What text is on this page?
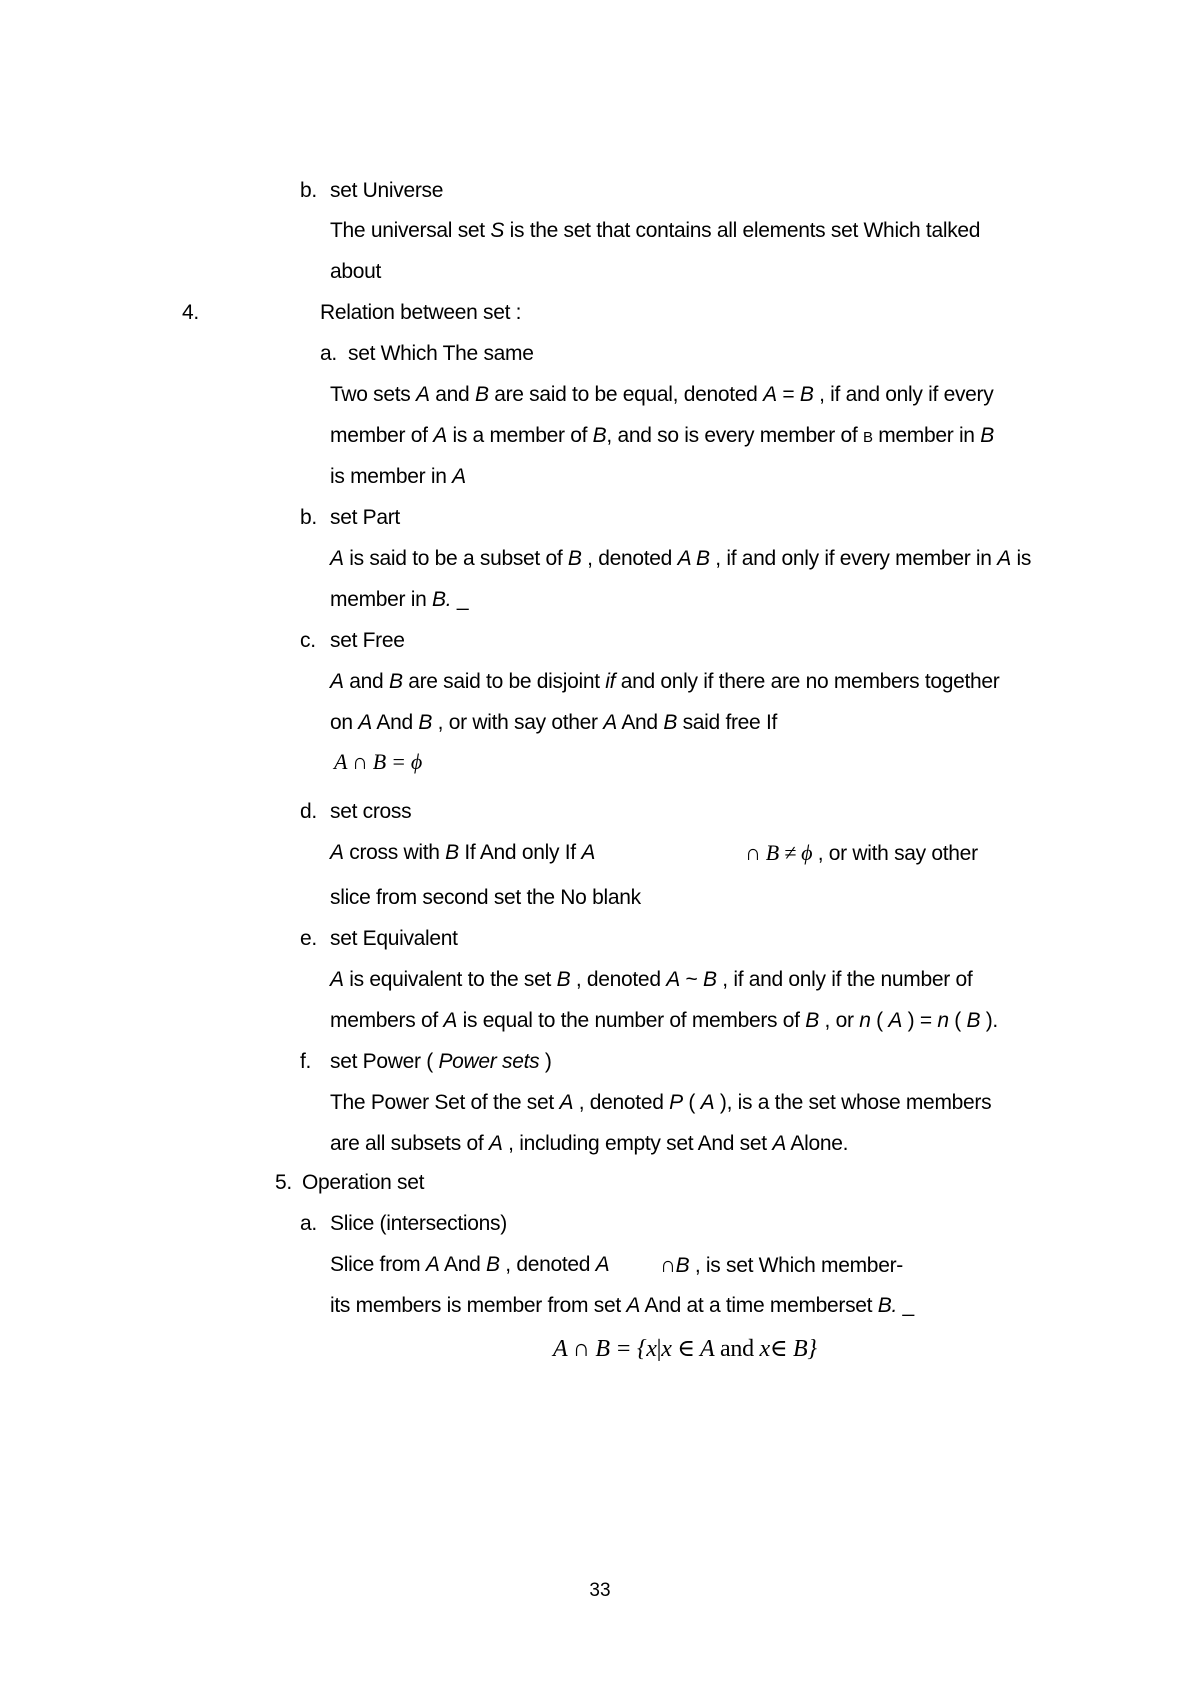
b. set Universe
The universal set S is the set that contains all elements set Which talked
about
4.	Relation between set :
a. set Which The same
Two sets A and B are said to be equal, denoted A = B , if and only if every
member of A is a member of B, and so is every member of B member in B
is member in A
b. set Part
A is said to be a subset of B , denoted A B , if and only if every member in A is
member in B. _
c. set Free
A and B are said to be disjoint if and only if there are no members together
on A And B , or with say other A And B said free If
A ∩ B = ϕ
d. set cross
A cross with B If And only If A	∩ B ≠ ϕ , or with say other
slice from second set the No blank
e. set Equivalent
A is equivalent to the set B , denoted A ~ B , if and only if the number of
members of A is equal to the number of members of B , or n ( A ) = n ( B ).
f. set Power ( Power sets )
The Power Set of the set A , denoted P ( A ), is a the set whose members
are all subsets of A , including empty set And set A Alone.
5. Operation set
a. Slice (intersections)
Slice from A And B , denoted A ∩B , is set Which member-
its members is member from set A And at a time memberset B. _
A ∩ B = {x|x ∈ A and x∈ B}
33
